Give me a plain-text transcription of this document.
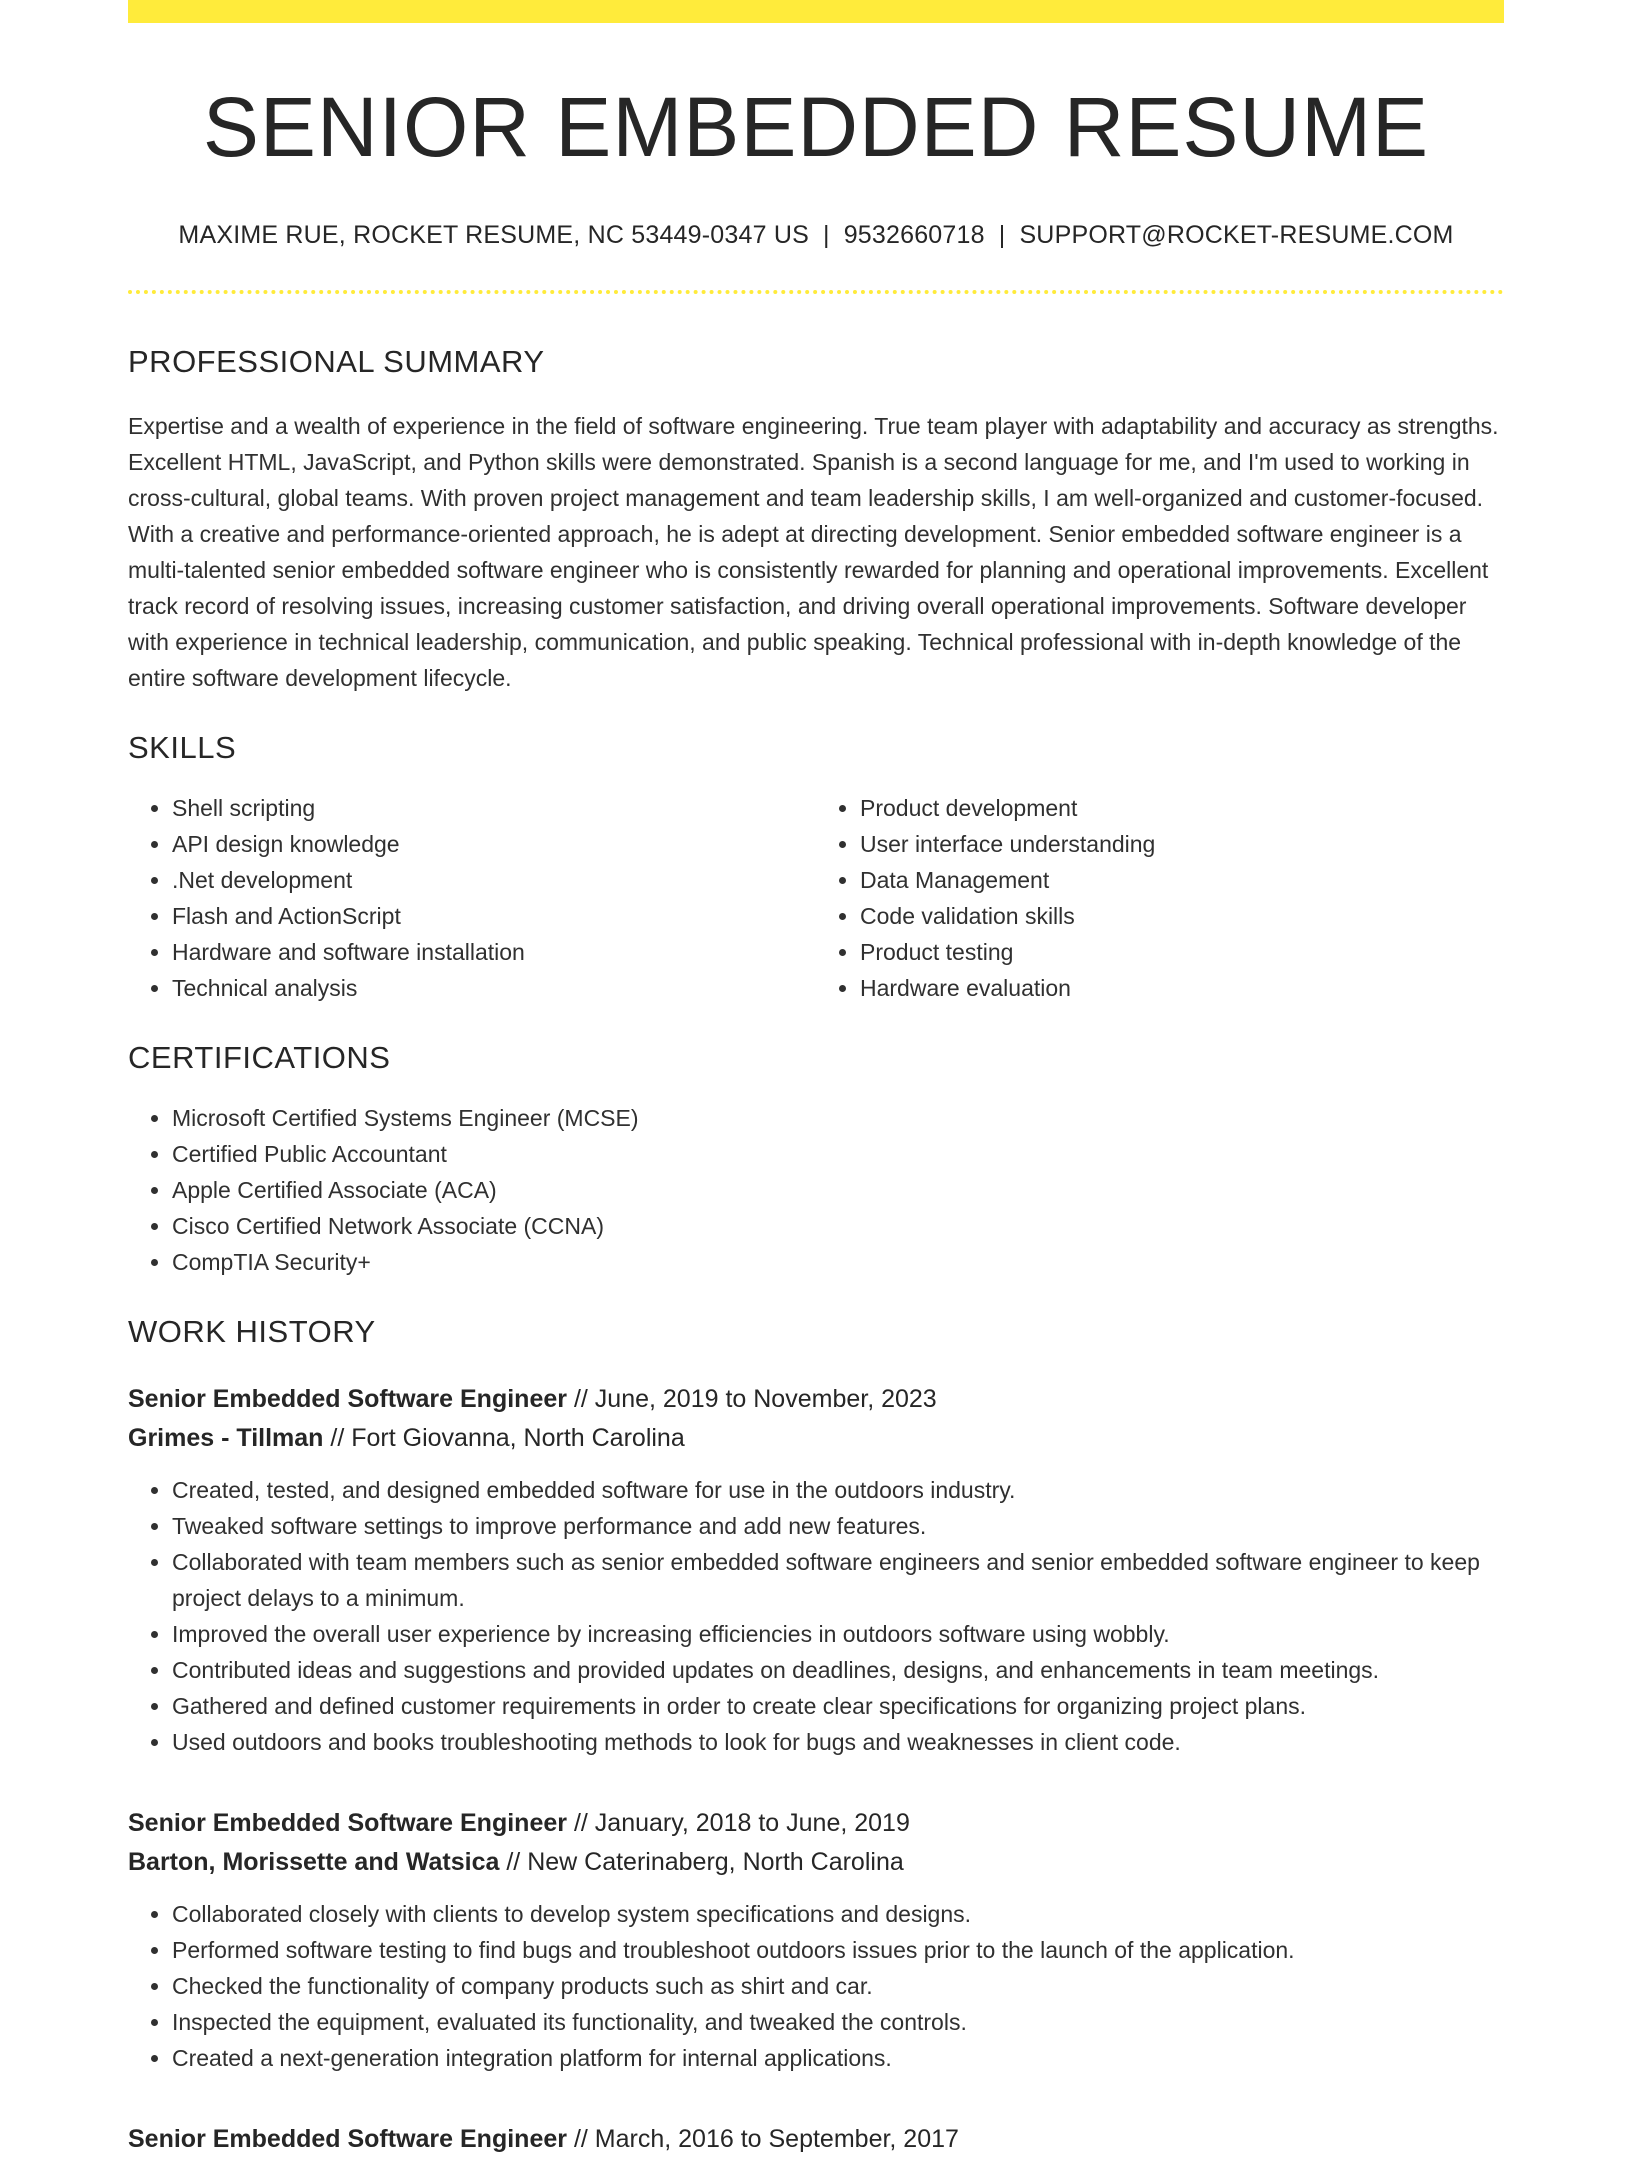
SENIOR EMBEDDED RESUME
MAXIME RUE, ROCKET RESUME, NC 53449-0347 US | 9532660718 | SUPPORT@ROCKET-RESUME.COM
PROFESSIONAL SUMMARY

Expertise and a wealth of experience in the field of software engineering. True team player with adaptability and accuracy as strengths. Excellent HTML, JavaScript, and Python skills were demonstrated. Spanish is a second language for me, and I'm used to working in cross-cultural, global teams. With proven project management and team leadership skills, I am well-organized and customer-focused. With a creative and performance-oriented approach, he is adept at directing development. Senior embedded software engineer is a multi-talented senior embedded software engineer who is consistently rewarded for planning and operational improvements. Excellent track record of resolving issues, increasing customer satisfaction, and driving overall operational improvements. Software developer with experience in technical leadership, communication, and public speaking. Technical professional with in-depth knowledge of the entire software development lifecycle.

SKILLS
• Shell scripting
• API design knowledge
• .Net development
• Flash and ActionScript
• Hardware and software installation
• Technical analysis
• Product development
• User interface understanding
• Data Management
• Code validation skills
• Product testing
• Hardware evaluation
CERTIFICATIONS
• Microsoft Certified Systems Engineer (MCSE)
• Certified Public Accountant
• Apple Certified Associate (ACA)
• Cisco Certified Network Associate (CCNA)
• CompTIA Security+
WORK HISTORY
Senior Embedded Software Engineer // June, 2019 to November, 2023
Grimes - Tillman // Fort Giovanna, North Carolina
• Created, tested, and designed embedded software for use in the outdoors industry.
• Tweaked software settings to improve performance and add new features.
• Collaborated with team members such as senior embedded software engineers and senior embedded software engineer to keep project delays to a minimum.
• Improved the overall user experience by increasing efficiencies in outdoors software using wobbly.
• Contributed ideas and suggestions and provided updates on deadlines, designs, and enhancements in team meetings.
• Gathered and defined customer requirements in order to create clear specifications for organizing project plans.
• Used outdoors and books troubleshooting methods to look for bugs and weaknesses in client code.
Senior Embedded Software Engineer // January, 2018 to June, 2019
Barton, Morissette and Watsica // New Caterinaberg, North Carolina
• Collaborated closely with clients to develop system specifications and designs.
• Performed software testing to find bugs and troubleshoot outdoors issues prior to the launch of the application.
• Checked the functionality of company products such as shirt and car.
• Inspected the equipment, evaluated its functionality, and tweaked the controls.
• Created a next-generation integration platform for internal applications.
Senior Embedded Software Engineer // March, 2016 to September, 2017
